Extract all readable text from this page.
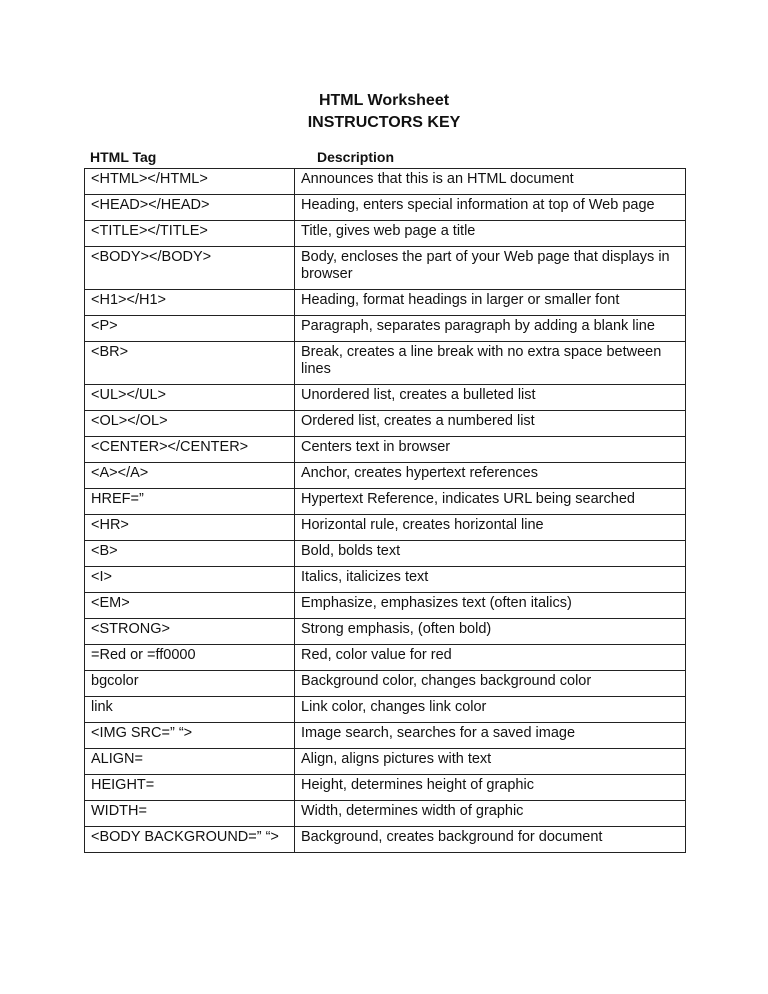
HTML Worksheet
INSTRUCTORS KEY
HTML Tag	Description
<HTML></HTML>	Announces that this is an HTML document
<HEAD></HEAD>	Heading, enters special information at top of Web page
<TITLE></TITLE>	Title, gives web page a title
<BODY></BODY>	Body, encloses the part of your Web page that displays in browser
<H1></H1>	Heading, format headings in larger or smaller font
<P>	Paragraph, separates paragraph by adding a blank line
<BR>	Break, creates a line break with no extra space between lines
<UL></UL>	Unordered list, creates a bulleted list
<OL></OL>	Ordered list, creates a numbered list
<CENTER></CENTER>	Centers text in browser
<A></A>	Anchor, creates hypertext references
HREF=”	Hypertext Reference, indicates URL being searched
<HR>	Horizontal rule, creates horizontal line
<B>	Bold, bolds text
<I>	Italics, italicizes text
<EM>	Emphasize, emphasizes text (often italics)
<STRONG>	Strong emphasis, (often bold)
=Red or =ff0000	Red, color value for red
bgcolor	Background color, changes background color
link	Link color, changes link color
<IMG SRC=” “>	Image search, searches for a saved image
ALIGN=	Align, aligns pictures with text
HEIGHT=	Height, determines height of graphic
WIDTH=	Width, determines width of graphic
<BODY BACKGROUND=” “>	Background, creates background for document
